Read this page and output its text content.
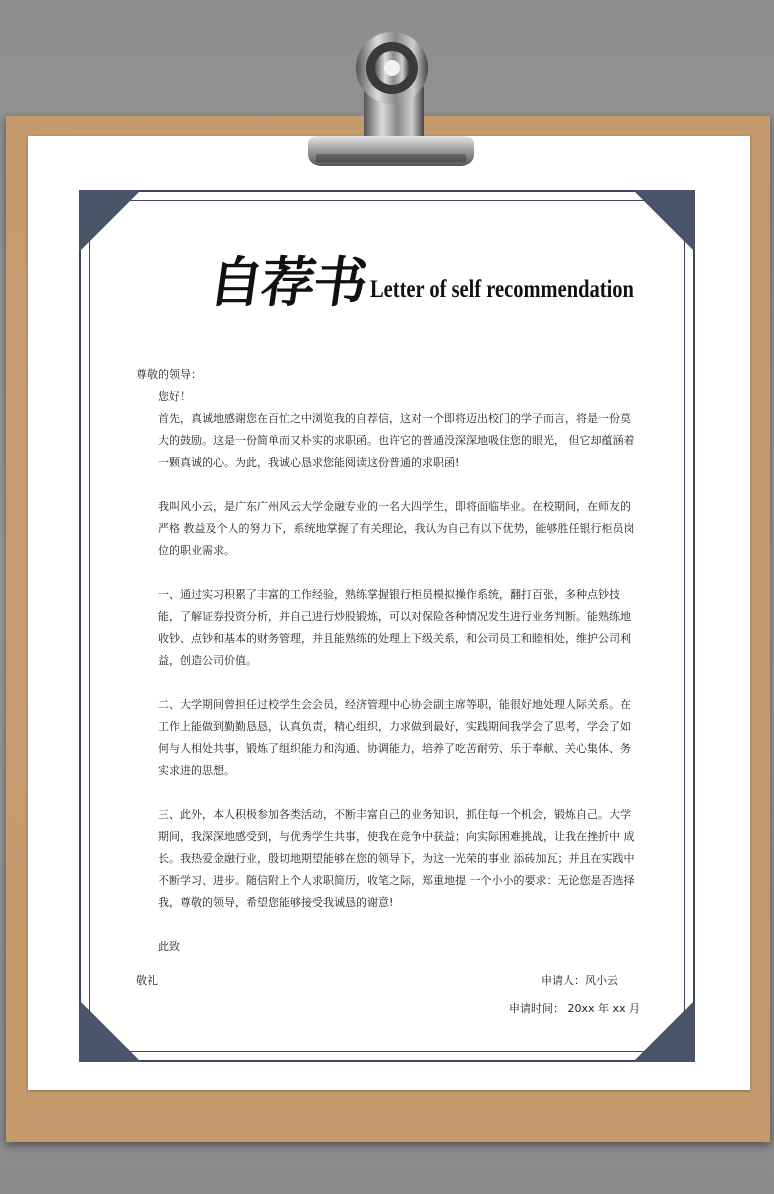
自荐书 Letter of self recommendation

尊敬的领导：

您好！

首先，真诚地感谢您在百忙之中浏览我的自荐信，这对一个即将迈出校门的学子而言，将是一份莫大的鼓励。这是一份简单而又朴实的求职函。也许它的普通没深深地吸住您的眼光， 但它却蕴涵着一颗真诚的心。为此，我诚心恳求您能阅读这份普通的求职函!

我叫风小云，是广东广州风云大学金融专业的一名大四学生，即将面临毕业。在校期间，在师友的严格 教益及个人的努力下，系统地掌握了有关理论，我认为自己有以下优势，能够胜任银行柜员岗位的职业需求。

一、通过实习积累了丰富的工作经验，熟练掌握银行柜员模拟操作系统，翻打百张，多种点钞技能，了解证券投资分析，并自己进行炒股锻炼，可以对保险各种情况发生进行业务判断。能熟练地收钞、点钞和基本的财务管理，并且能熟练的处理上下级关系，和公司员工和睦相处，维护公司利益，创造公司价值。

二、大学期间曾担任过校学生会会员，经济管理中心协会副主席等职，能很好地处理人际关系。在工作上能做到勤勤恳恳，认真负责，精心组织，力求做到最好，实践期间我学会了思考，学会了如何与人相处共事，锻炼了组织能力和沟通、协调能力，培养了吃苦耐劳、乐于奉献、关心集体、务实求进的思想。

三、此外，本人积极参加各类活动，不断丰富自己的业务知识，抓住每一个机会，锻炼自己。大学期间，我深深地感受到，与优秀学生共事，使我在竞争中获益；向实际困难挑战，让我在挫折中 成长。我热爱金融行业，殷切地期望能够在您的领导下，为这一光荣的事业 添砖加瓦；并且在实践中不断学习、进步。随信附上个人求职简历，收笔之际，郑重地提 一个小小的要求：无论您是否选择我，尊敬的领导，希望您能够接受我诚恳的谢意!

此致

敬礼	申请人：风小云

申请时间： 20xx 年 xx 月
